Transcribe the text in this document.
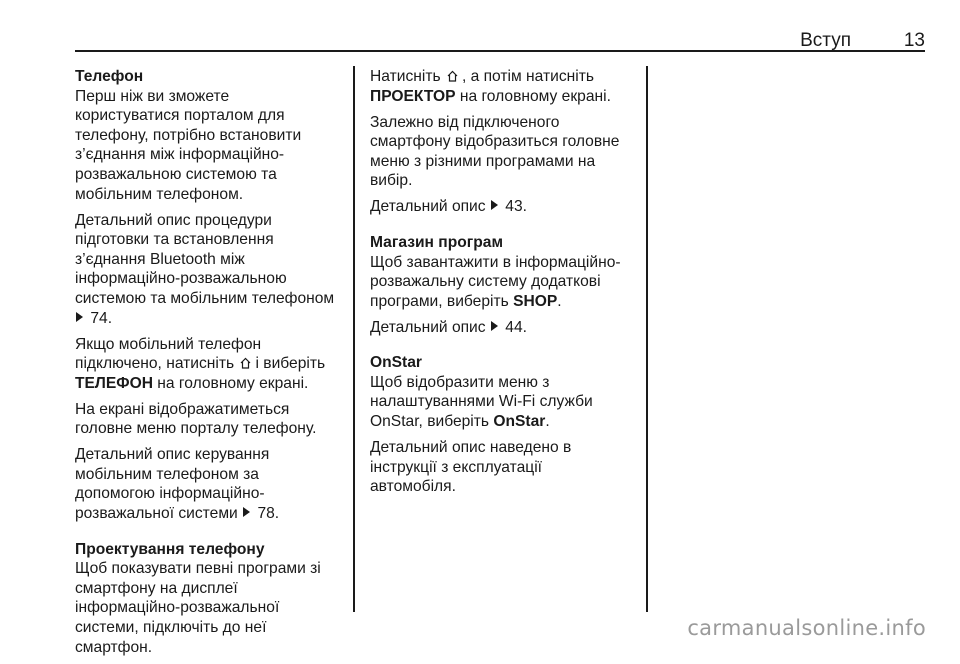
Вступ	13
Телефон
Перш ніж ви зможете
користуватися порталом для
телефону, потрібно встановити
з’єднання між інформаційно-
розважальною системою та
мобільним телефоном.
Детальний опис процедури
підготовки та встановлення
з’єднання Bluetooth між
інформаційно-розважальною
системою та мобільним телефоном
74.
Якщо мобільний телефон
підключено, натисніть і виберіть
ТЕЛЕФОН на головному екрані.
На екрані відображатиметься
головне меню порталу телефону.
Детальний опис керування
мобільним телефоном за
допомогою інформаційно-
розважальної системи 78.
Проектування телефону
Щоб показувати певні програми зі
смартфону на дисплеї
інформаційно-розважальної
системи, підключіть до неї
смартфон.
Натисніть , а потім натисніть
ПРОЕКТОР на головному екрані.
Залежно від підключеного
смартфону відобразиться головне
меню з різними програмами на
вибір.
Детальний опис 43.
Магазин програм
Щоб завантажити в інформаційно-
розважальну систему додаткові
програми, виберіть SHOP.
Детальний опис 44.
OnStar
Щоб відобразити меню з
налаштуваннями Wi-Fi служби
OnStar, виберіть OnStar.
Детальний опис наведено в
інструкції з експлуатації
автомобіля.
carmanualsonline.info
